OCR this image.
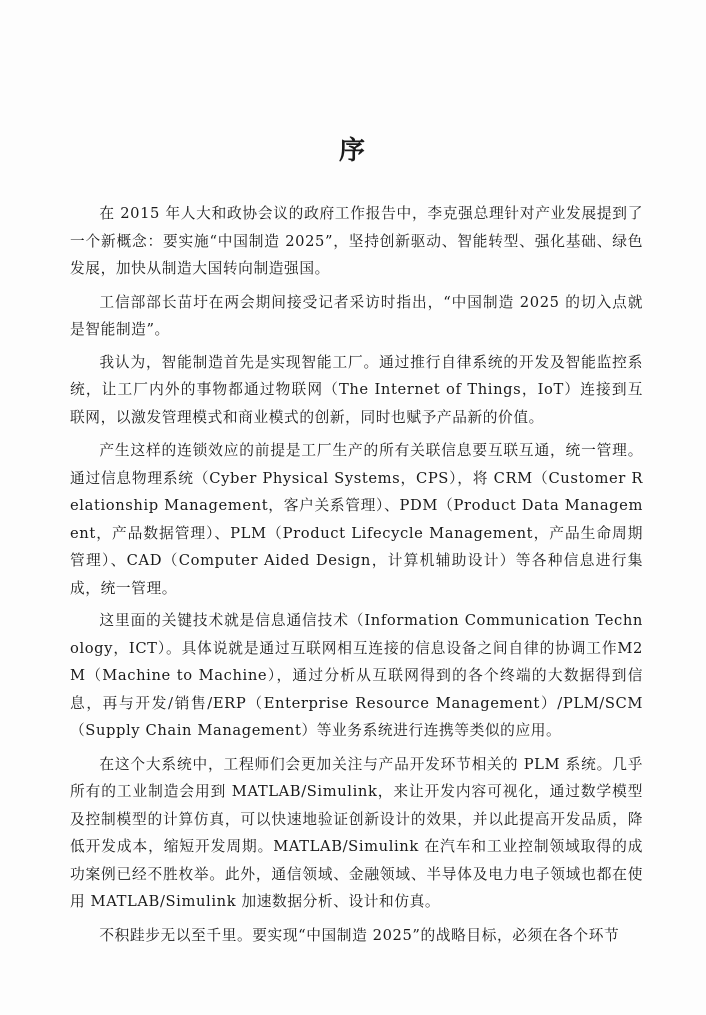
序

在 2015 年人大和政协会议的政府工作报告中，李克强总理针对产业发展提到了一个新概念：要实施“中国制造 2025”，坚持创新驱动、智能转型、强化基础、绿色发展，加快从制造大国转向制造强国。

工信部部长苗圩在两会期间接受记者采访时指出，“中国制造 2025 的切入点就是智能制造”。

我认为，智能制造首先是实现智能工厂。通过推行自律系统的开发及智能监控系统，让工厂内外的事物都通过物联网（The Internet of Things，IoT）连接到互联网，以激发管理模式和商业模式的创新，同时也赋予产品新的价值。

产生这样的连锁效应的前提是工厂生产的所有关联信息要互联互通，统一管理。通过信息物理系统（Cyber Physical Systems，CPS），将 CRM（Customer Relationship Management，客户关系管理）、PDM（Product Data Management，产品数据管理）、PLM（Product Lifecycle Management，产品生命周期管理）、CAD（Computer Aided Design，计算机辅助设计）等各种信息进行集成，统一管理。

这里面的关键技术就是信息通信技术（Information Communication Technology，ICT）。具体说就是通过互联网相互连接的信息设备之间自律的协调工作M2M（Machine to Machine），通过分析从互联网得到的各个终端的大数据得到信息，再与开发/销售/ERP（Enterprise Resource Management）/PLM/SCM（Supply Chain Management）等业务系统进行连携等类似的应用。

在这个大系统中，工程师们会更加关注与产品开发环节相关的 PLM 系统。几乎所有的工业制造会用到 MATLAB/Simulink，来让开发内容可视化，通过数学模型及控制模型的计算仿真，可以快速地验证创新设计的效果，并以此提高开发品质，降低开发成本，缩短开发周期。MATLAB/Simulink 在汽车和工业控制领域取得的成功案例已经不胜枚举。此外，通信领域、金融领域、半导体及电力电子领域也都在使用 MATLAB/Simulink 加速数据分析、设计和仿真。

不积跬步无以至千里。要实现“中国制造 2025”的战略目标，必须在各个环节
